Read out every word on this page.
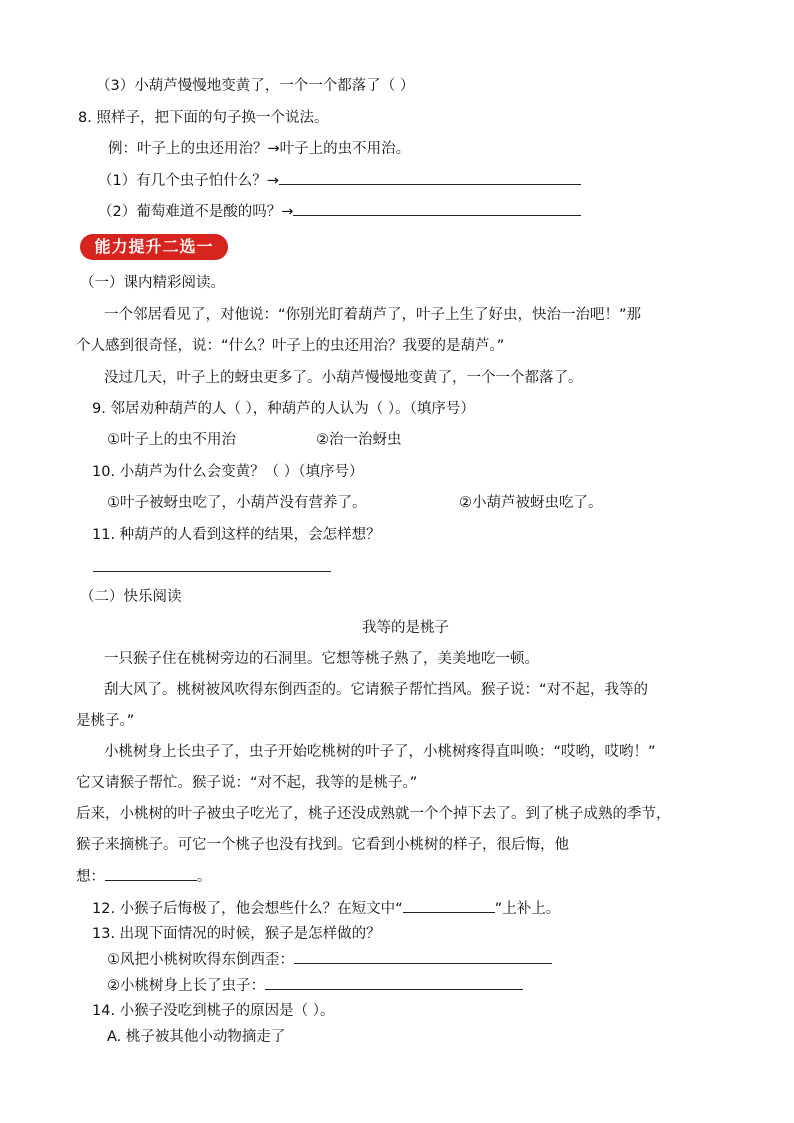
（3）小葫芦慢慢地变黄了，一个一个都落了（ ）
8. 照样子，把下面的句子换一个说法。
例：叶子上的虫还用治？→叶子上的虫不用治。
（1）有几个虫子怕什么？→
（2）葡萄难道不是酸的吗？→
能力提升二选一
（一）课内精彩阅读。
一个邻居看见了，对他说：“你别光盯着葫芦了，叶子上生了好虫，快治一治吧！”那
个人感到很奇怪，说：“什么？叶子上的虫还用治？我要的是葫芦。”
没过几天，叶子上的蚜虫更多了。小葫芦慢慢地变黄了，一个一个都落了。
9. 邻居劝种葫芦的人（ ），种葫芦的人认为（ ）。（填序号）
①叶子上的虫不用治	②治一治蚜虫
10. 小葫芦为什么会变黄？（ ）（填序号）
①叶子被蚜虫吃了，小葫芦没有营养了。	②小葫芦被蚜虫吃了。
11. 种葫芦的人看到这样的结果，会怎样想？
（二）快乐阅读
我等的是桃子
一只猴子住在桃树旁边的石洞里。它想等桃子熟了，美美地吃一顿。
刮大风了。桃树被风吹得东倒西歪的。它请猴子帮忙挡风。猴子说：“对不起，我等的
是桃子。”
小桃树身上长虫子了，虫子开始吃桃树的叶子了，小桃树疼得直叫唤：“哎哟，哎哟！”
它又请猴子帮忙。猴子说：“对不起，我等的是桃子。”
后来，小桃树的叶子被虫子吃光了，桃子还没成熟就一个个掉下去了。到了桃子成熟的季节，
猴子来摘桃子。可它一个桃子也没有找到。它看到小桃树的样子，很后悔，他
想：	。
12. 小猴子后悔极了，他会想些什么？在短文中“	”上补上。
13. 出现下面情况的时候，猴子是怎样做的？
①风把小桃树吹得东倒西歪：
②小桃树身上长了虫子：
14. 小猴子没吃到桃子的原因是（ ）。
A. 桃子被其他小动物摘走了
